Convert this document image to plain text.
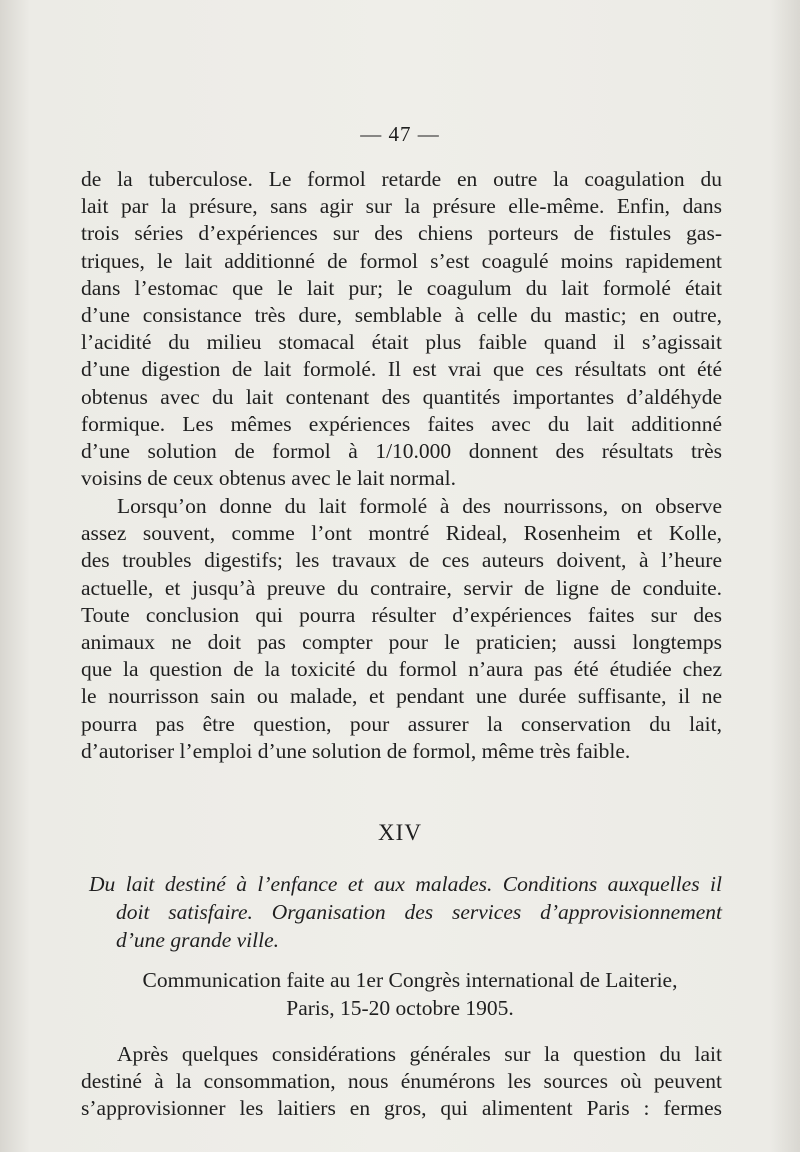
— 47 —
de la tuberculose. Le formol retarde en outre la coagulation du
lait par la présure, sans agir sur la présure elle-même. Enfin, dans
trois séries d’expériences sur des chiens porteurs de fistules gas-
triques, le lait additionné de formol s’est coagulé moins rapidement
dans l’estomac que le lait pur; le coagulum du lait formolé était
d’une consistance très dure, semblable à celle du mastic; en outre,
l’acidité du milieu stomacal était plus faible quand il s’agissait
d’une digestion de lait formolé. Il est vrai que ces résultats ont été
obtenus avec du lait contenant des quantités importantes d’aldéhyde
formique. Les mêmes expériences faites avec du lait additionné
d’une solution de formol à 1/10.000 donnent des résultats très
voisins de ceux obtenus avec le lait normal.
Lorsqu’on donne du lait formolé à des nourrissons, on observe
assez souvent, comme l’ont montré Rideal, Rosenheim et Kolle,
des troubles digestifs; les travaux de ces auteurs doivent, à l’heure
actuelle, et jusqu’à preuve du contraire, servir de ligne de conduite.
Toute conclusion qui pourra résulter d’expériences faites sur des
animaux ne doit pas compter pour le praticien; aussi longtemps
que la question de la toxicité du formol n’aura pas été étudiée chez
le nourrisson sain ou malade, et pendant une durée suffisante, il ne
pourra pas être question, pour assurer la conservation du lait,
d’autoriser l’emploi d’une solution de formol, même très faible.
XIV
Du lait destiné à l’enfance et aux malades. Conditions auxquelles il
doit satisfaire. Organisation des services d’approvisionnement
d’une grande ville.
Communication faite au 1er Congrès international de Laiterie,
Paris, 15-20 octobre 1905.
Après quelques considérations générales sur la question du lait
destiné à la consommation, nous énumérons les sources où peuvent
s’approvisionner les laitiers en gros, qui alimentent Paris : fermes
